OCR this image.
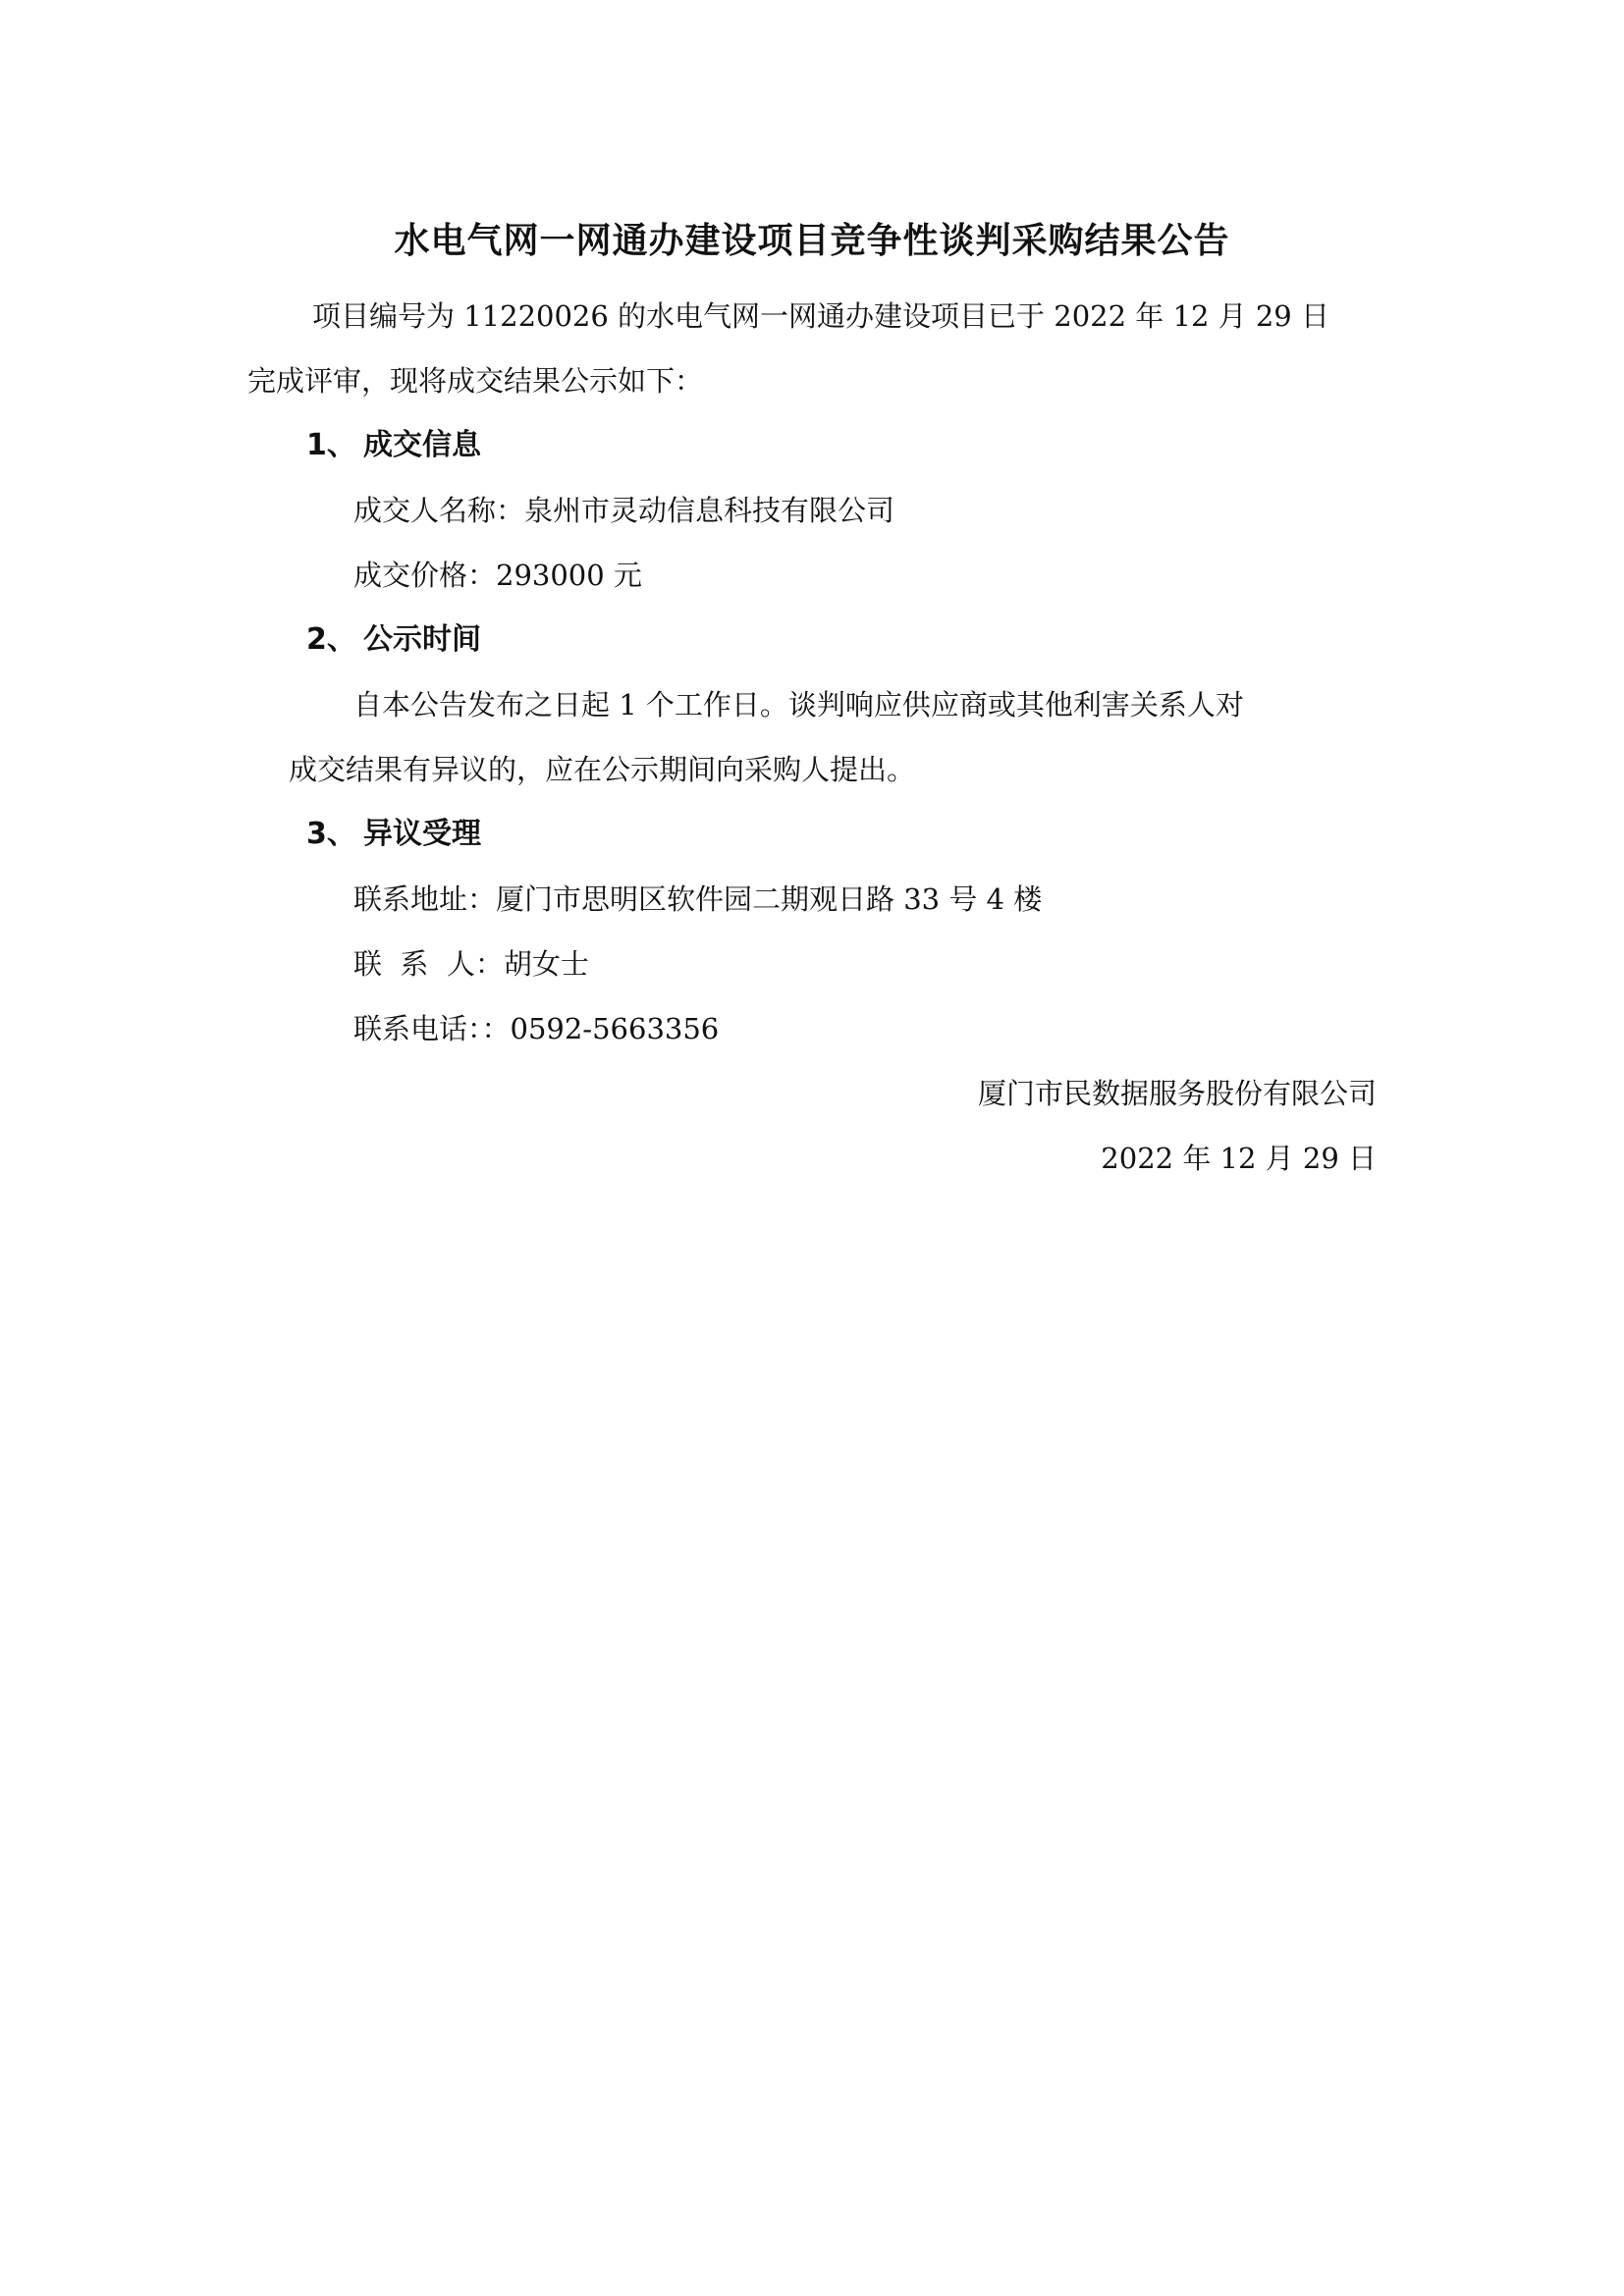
水电气网一网通办建设项目竞争性谈判采购结果公告

项目编号为 11220026 的水电气网一网通办建设项目已于 2022 年 12 月 29 日

完成评审，现将成交结果公示如下：

1、 成交信息

成交人名称：泉州市灵动信息科技有限公司

成交价格：293000 元

2、 公示时间

自本公告发布之日起 1 个工作日。谈判响应供应商或其他利害关系人对

成交结果有异议的，应在公示期间向采购人提出。

3、 异议受理

联系地址：厦门市思明区软件园二期观日路 33 号 4 楼

联  系  人：胡女士

联系电话：：0592-5663356

厦门市民数据服务股份有限公司

2022 年 12 月 29 日
